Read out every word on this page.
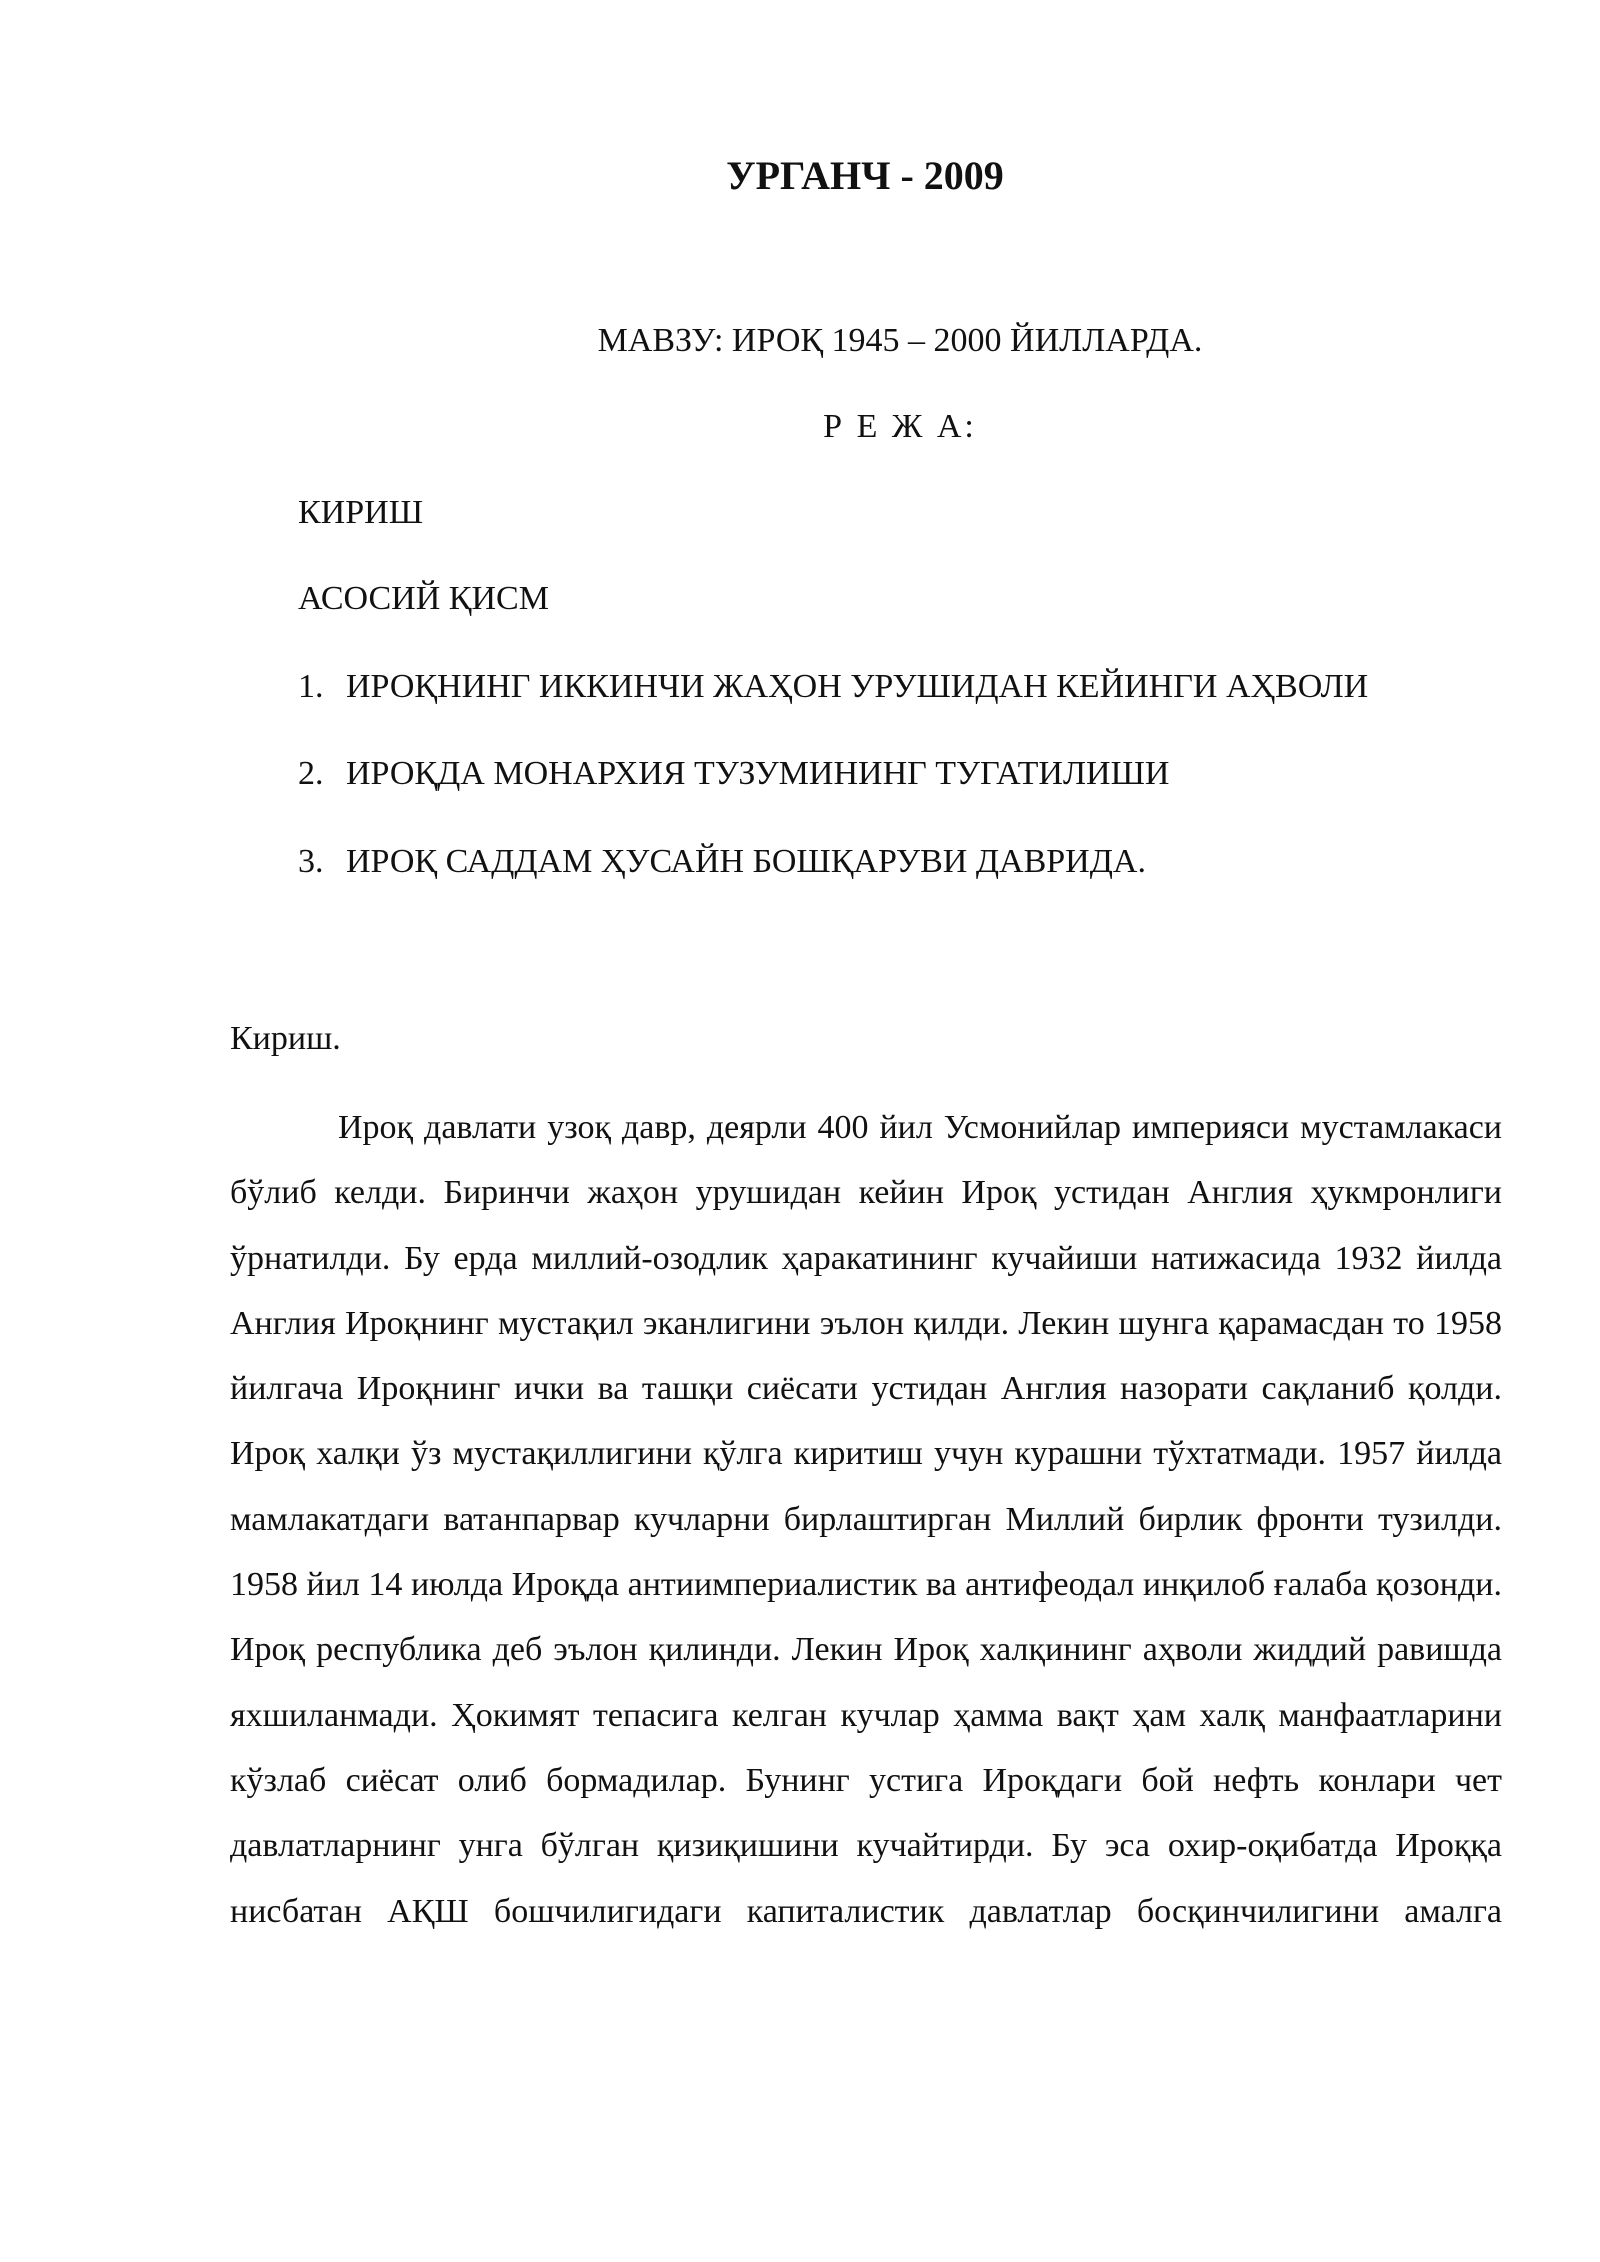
УРГАНЧ - 2009
МАВЗУ: ИРОҚ 1945 – 2000 ЙИЛЛАРДА.
Р Е Ж А:
КИРИШ
АСОСИЙ ҚИСМ
1. ИРОҚНИНГ ИККИНЧИ ЖАҲОН УРУШИДАН КЕЙИНГИ АҲВОЛИ
2. ИРОҚДА МОНАРХИЯ ТУЗУМИНИНГ ТУГАТИЛИШИ
3. ИРОҚ САДДАМ ҲУСАЙН БОШҚАРУВИ ДАВРИДА.
Кириш.

Ироқ давлати узоқ давр, деярли 400 йил Усмонийлар империяси мустамлакаси бўлиб келди. Биринчи жаҳон урушидан кейин Ироқ устидан Англия ҳукмронлиги ўрнатилди. Бу ерда миллий-озодлик ҳаракатининг кучайиши натижасида 1932 йилда Англия Ироқнинг мустақил эканлигини эълон қилди. Лекин шунга қарамасдан то 1958 йилгача Ироқнинг ички ва ташқи сиёсати устидан Англия назорати сақланиб қолди. Ироқ халқи ўз мустақиллигини қўлга киритиш учун курашни тўхтатмади. 1957 йилда мамлакатдаги ватанпарвар кучларни бирлаштирган Миллий бирлик фронти тузилди. 1958 йил 14 июлда Ироқда антиимпериалистик ва антифеодал инқилоб ғалаба қозонди. Ироқ республика деб эълон қилинди. Лекин Ироқ халқининг аҳволи жиддий равишда яхшиланмади. Ҳокимят тепасига келган кучлар ҳамма вақт ҳам халқ манфаатларини кўзлаб сиёсат олиб бормадилар. Бунинг устига Ироқдаги бой нефть конлари чет давлатларнинг унга бўлган қизиқишини кучайтирди. Бу эса охир-оқибатда Ироққа нисбатан АҚШ бошчилигидаги капиталистик давлатлар босқинчилигини амалга
